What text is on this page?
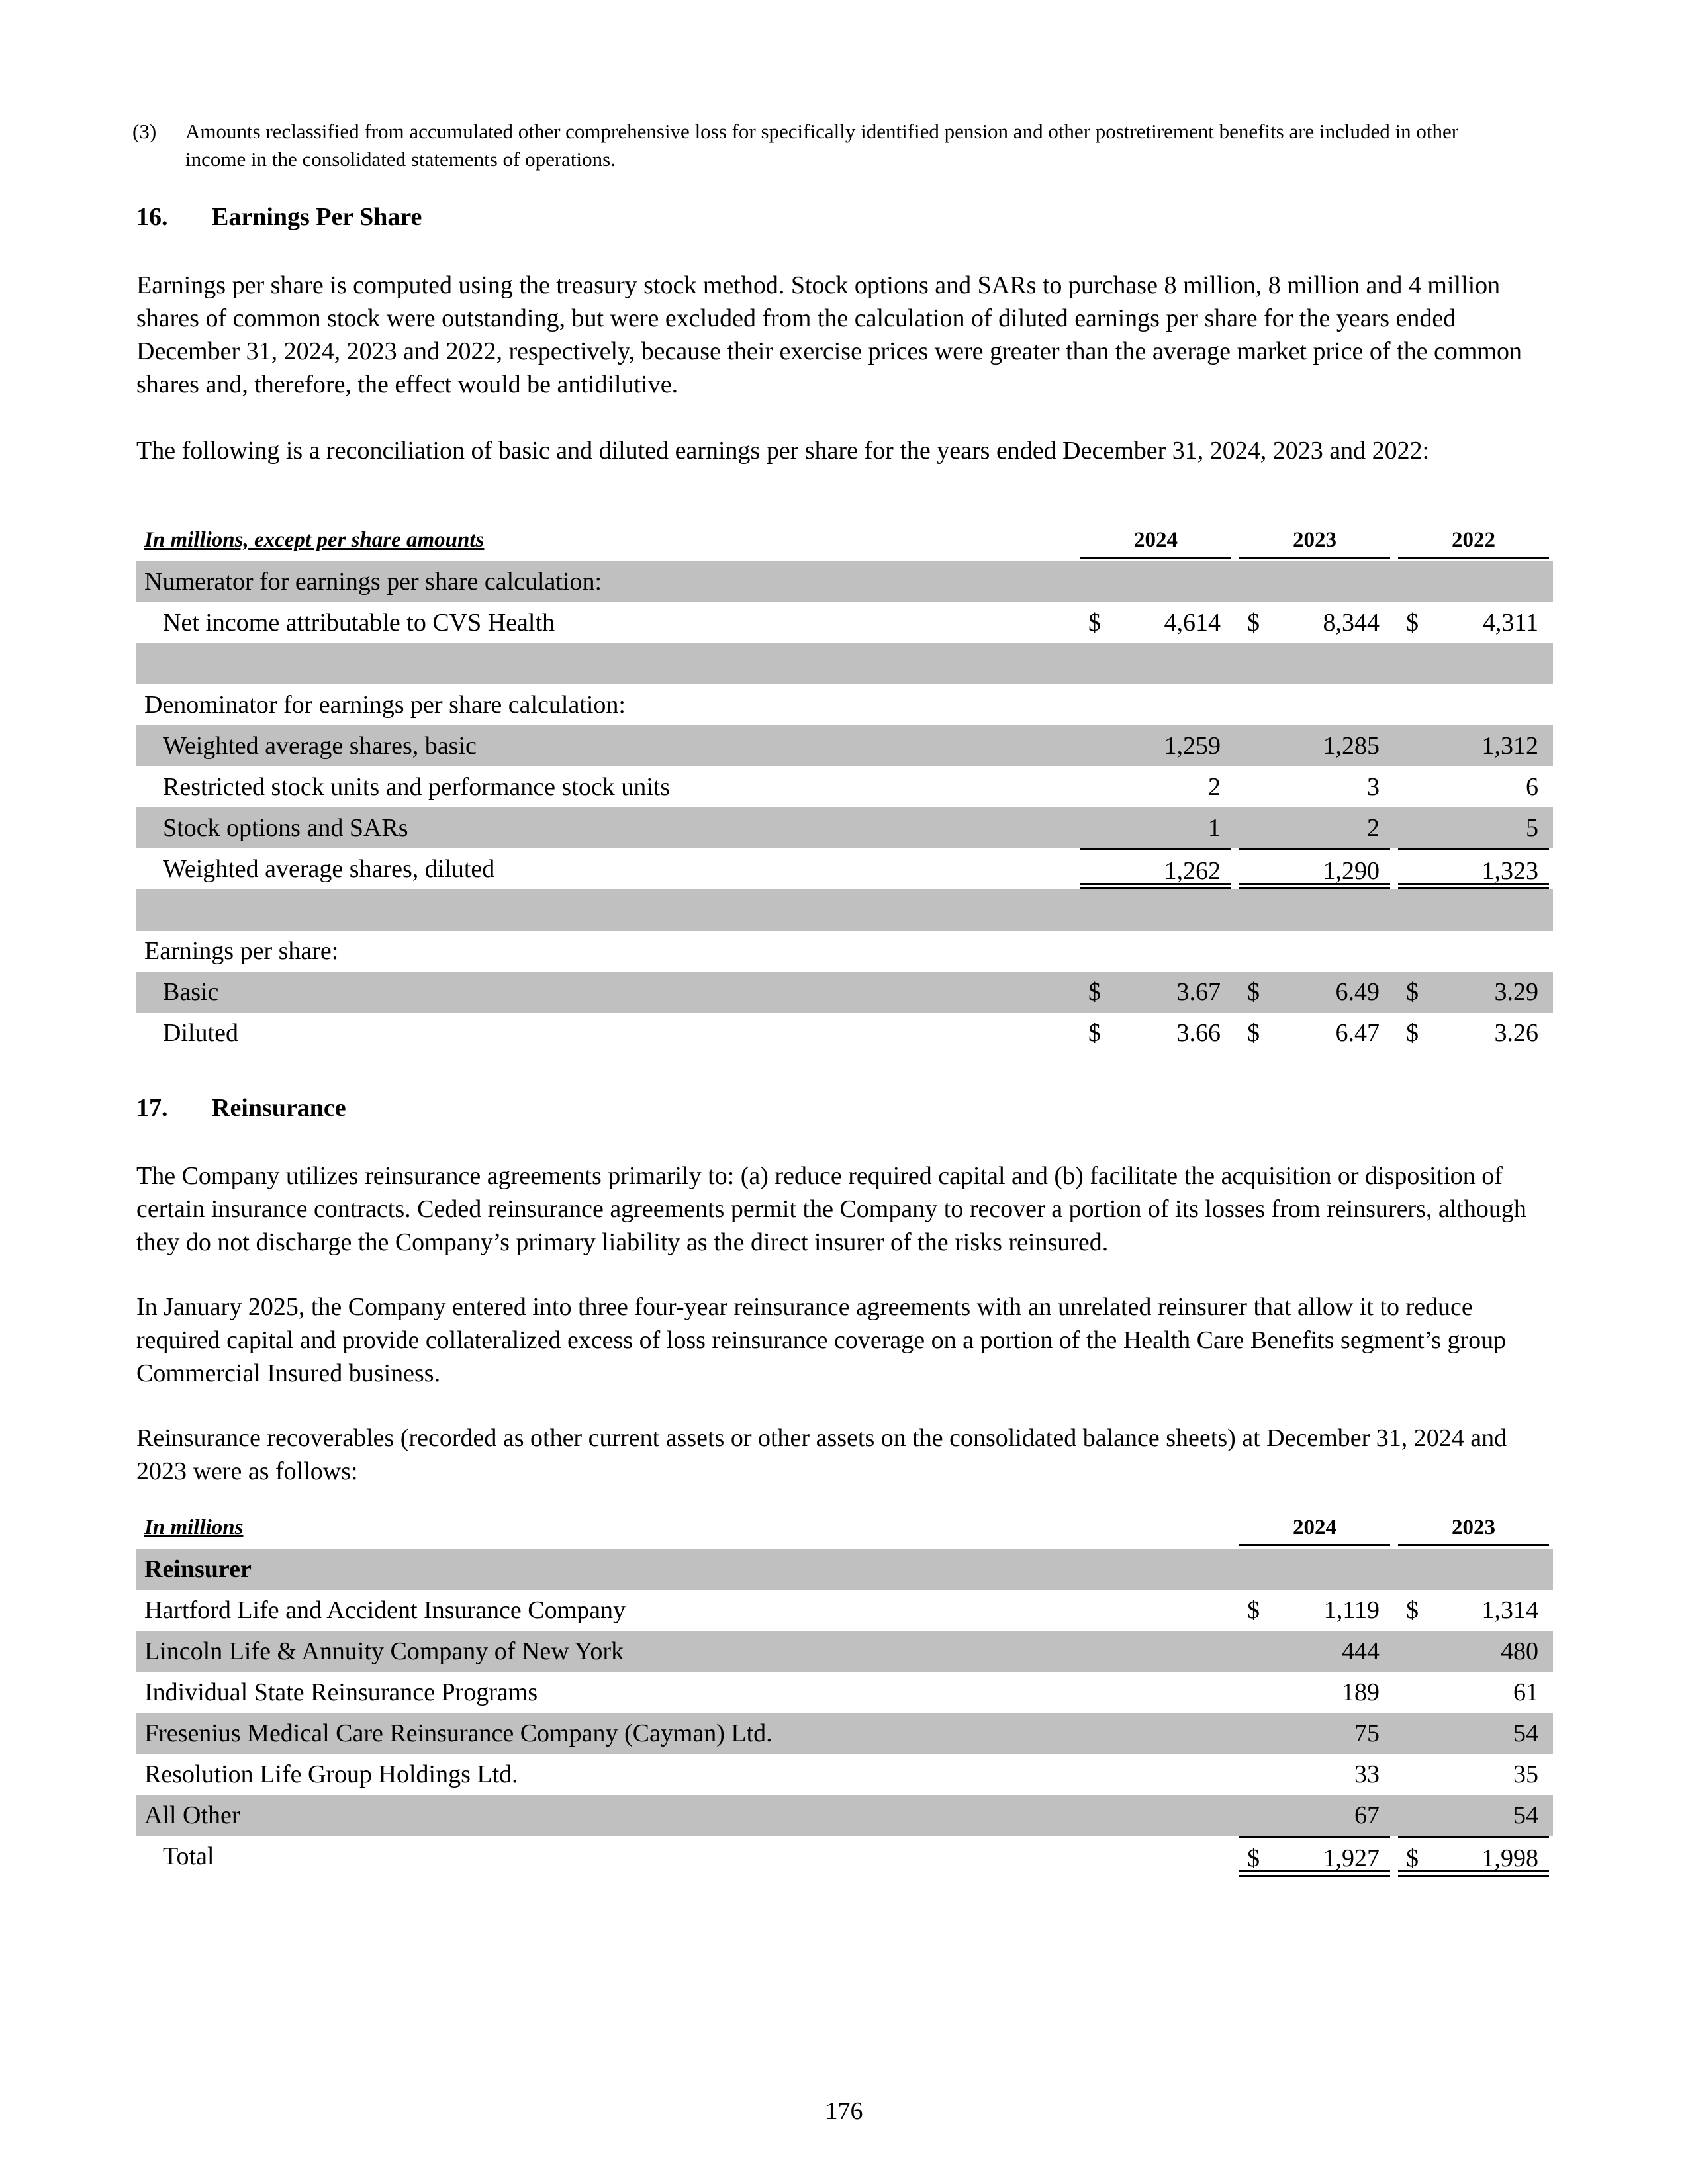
(3) Amounts reclassified from accumulated other comprehensive loss for specifically identified pension and other postretirement benefits are included in other income in the consolidated statements of operations.
16. Earnings Per Share
Earnings per share is computed using the treasury stock method. Stock options and SARs to purchase 8 million, 8 million and 4 million shares of common stock were outstanding, but were excluded from the calculation of diluted earnings per share for the years ended December 31, 2024, 2023 and 2022, respectively, because their exercise prices were greater than the average market price of the common shares and, therefore, the effect would be antidilutive.
The following is a reconciliation of basic and diluted earnings per share for the years ended December 31, 2024, 2023 and 2022:
In millions, except per share amounts	2024	2023	2022
Numerator for earnings per share calculation:
Net income attributable to CVS Health	$	4,614 $	8,344 $	4,311
Denominator for earnings per share calculation:
Weighted average shares, basic	1,259	1,285	1,312
Restricted stock units and performance stock units	2	3	6
Stock options and SARs	1	2	5
Weighted average shares, diluted	1,262	1,290	1,323
Earnings per share:
Basic	$	3.67 $	6.49 $	3.29
Diluted	$	3.66 $	6.47 $	3.26
17. Reinsurance
The Company utilizes reinsurance agreements primarily to: (a) reduce required capital and (b) facilitate the acquisition or disposition of certain insurance contracts. Ceded reinsurance agreements permit the Company to recover a portion of its losses from reinsurers, although they do not discharge the Company’s primary liability as the direct insurer of the risks reinsured.
In January 2025, the Company entered into three four-year reinsurance agreements with an unrelated reinsurer that allow it to reduce required capital and provide collateralized excess of loss reinsurance coverage on a portion of the Health Care Benefits segment’s group Commercial Insured business.
Reinsurance recoverables (recorded as other current assets or other assets on the consolidated balance sheets) at December 31, 2024 and 2023 were as follows:
In millions	2024	2023
Reinsurer
Hartford Life and Accident Insurance Company	$	1,119 $	1,314
Lincoln Life & Annuity Company of New York	444	480
Individual State Reinsurance Programs	189	61
Fresenius Medical Care Reinsurance Company (Cayman) Ltd.	75	54
Resolution Life Group Holdings Ltd.	33	35
All Other	67	54
Total	$	1,927 $	1,998
176
